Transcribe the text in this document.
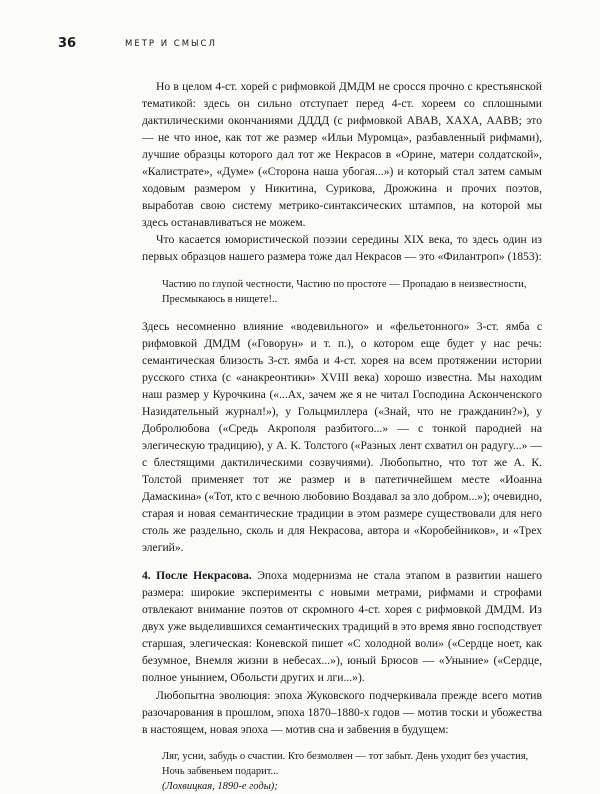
36	МЕТР И СМЫСЛ

Но в целом 4-ст. хорей с рифмовкой ДМДМ не сросся прочно с крестьянской тематикой: здесь он сильно отступает перед 4-ст. хореем со сплошными дактилическими окончаниями ДДДД (с рифмовкой АВАВ, ХАХА, ААВВ; это — не что иное, как тот же размер «Ильи Муромца», разбавленный рифмами), лучшие образцы которого дал тот же Некрасов в «Орине, матери солдатской», «Калистрате», «Думе» («Сторона наша убогая...») и который стал затем самым ходовым размером у Никитина, Сурикова, Дрожжина и прочих поэтов, выработав свою систему метрико-синтаксических штампов, на которой мы здесь останавливаться не можем.

Что касается юмористической поэзии середины XIX века, то здесь один из первых образцов нашего размера тоже дал Некрасов — это «Филантроп» (1853):

Частию по глупой честности, Частию по простоте — Пропадаю в неизвестности,
Пресмыкаюсь в нищете!..

Здесь несомненно влияние «водевильного» и «фельетонного» 3-ст. ямба с рифмовкой ДМДМ («Говорун» и т. п.), о котором еще будет у нас речь: семантическая близость 3-ст. ямба и 4-ст. хорея на всем протяжении истории русского стиха (с «анакреонтики» XVIII века) хорошо известна. Мы находим наш размер у Курочкина («...Ах, зачем же я не читал Господина Асконченского Назидательный журнал!»), у Гольцмиллера («Знай, что не гражданин?»), у Добролюбова («Средь Акрополя разбитого...» — с тонкой пародией на элегическую традицию), у А. К. Толстого («Разных лент схватил он радугу...» — с блестящими дактилическими созвучиями). Любопытно, что тот же А. К. Толстой применяет тот же размер и в патетичнейшем месте «Иоанна Дамаскина» («Тот, кто с вечною любовию Воздавал за зло добром...»); очевидно, старая и новая семантические традиции в этом размере существовали для него столь же раздельно, сколь и для Некрасова, автора и «Коробейников», и «Трех элегий».

4. После Некрасова. Эпоха модернизма не стала этапом в развитии нашего размера: широкие эксперименты с новыми метрами, рифмами и строфами отвлекают внимание поэтов от скромного 4-ст. хорея с рифмовкой ДМДМ. Из двух уже выделившихся семантических традиций в это время явно господствует старшая, элегическая: Коневской пишет «С холодной воли» («Сердце ноет, как безумное, Внемля жизни в небесах...»), юный Брюсов — «Уныние» («Сердце, полное унынием, Обольсти других и лги...»).

Любопытна эволюция: эпоха Жуковского подчеркивала прежде всего мотив разочарования в прошлом, эпоха 1870–1880-х годов — мотив тоски и убожества в настоящем, новая эпоха — мотив сна и забвения в будущем:

Ляг, усни, забудь о счастии. Кто безмолвен — тот забыт. День уходит без участия, Ночь забвеньем подарит...
(Лохвицкая, 1890-е годы);
